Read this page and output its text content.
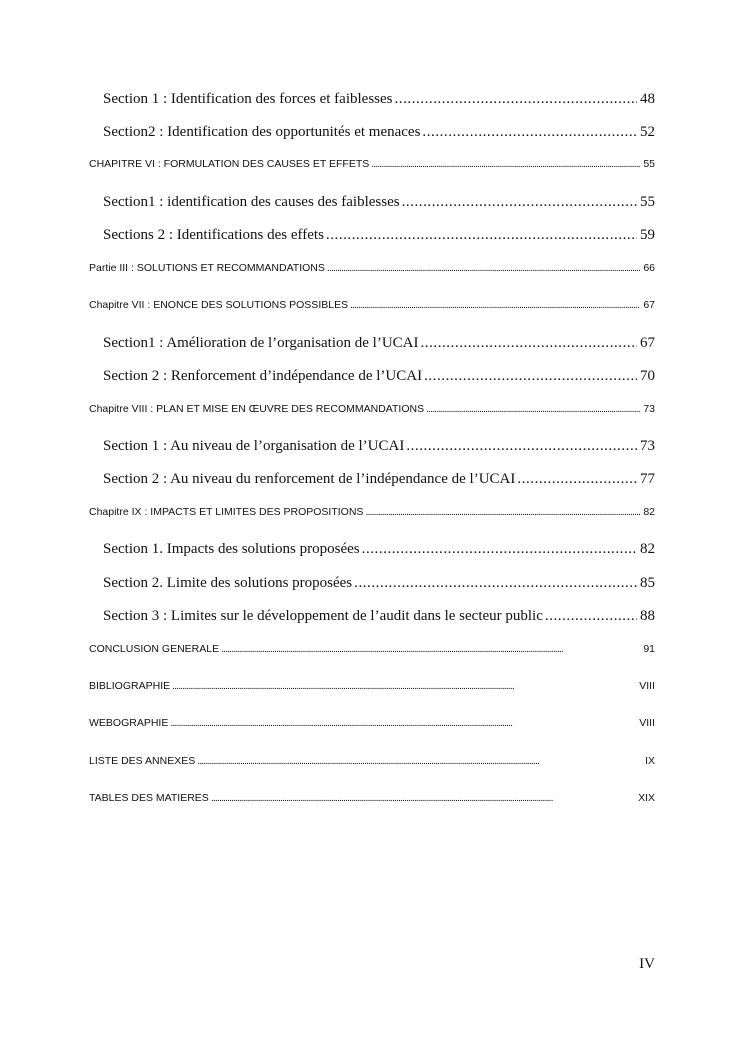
Section 1 : Identification des forces et faiblesses . . .	48
Section2 : Identification des opportunités et menaces . . .	52
CHAPITRE VI : FORMULATION DES CAUSES ET EFFETS . . .	55
Section1 : identification des causes des faiblesses . . .	55
Sections 2 : Identifications des effets . . .	59
Partie III : SOLUTIONS ET RECOMMANDATIONS . . .	66
Chapitre VII : ENONCE DES SOLUTIONS POSSIBLES . . .	67
Section1 : Amélioration de l’organisation de l’UCAI . . .	67
Section 2 : Renforcement d’indépendance de l’UCAI . . .	70
Chapitre VIII : PLAN ET MISE EN ŒUVRE DES RECOMMANDATIONS . . .	73
Section 1 : Au niveau de l’organisation de l’UCAI . . .	73
Section 2 : Au niveau du renforcement de l’indépendance de l’UCAI . . .	77
Chapitre IX : IMPACTS ET LIMITES DES PROPOSITIONS . . .	82
Section 1. Impacts des solutions proposées . . .	82
Section 2. Limite des solutions proposées . . .	85
Section 3 : Limites sur le développement de l’audit dans le secteur public . . .	88
CONCLUSION GENERALE . . .	91
BIBLIOGRAPHIE . . .	VIII
WEBOGRAPHIE . . .	VIII
LISTE DES ANNEXES . . .	IX
TABLES DES MATIERES . . .	XIX
IV
